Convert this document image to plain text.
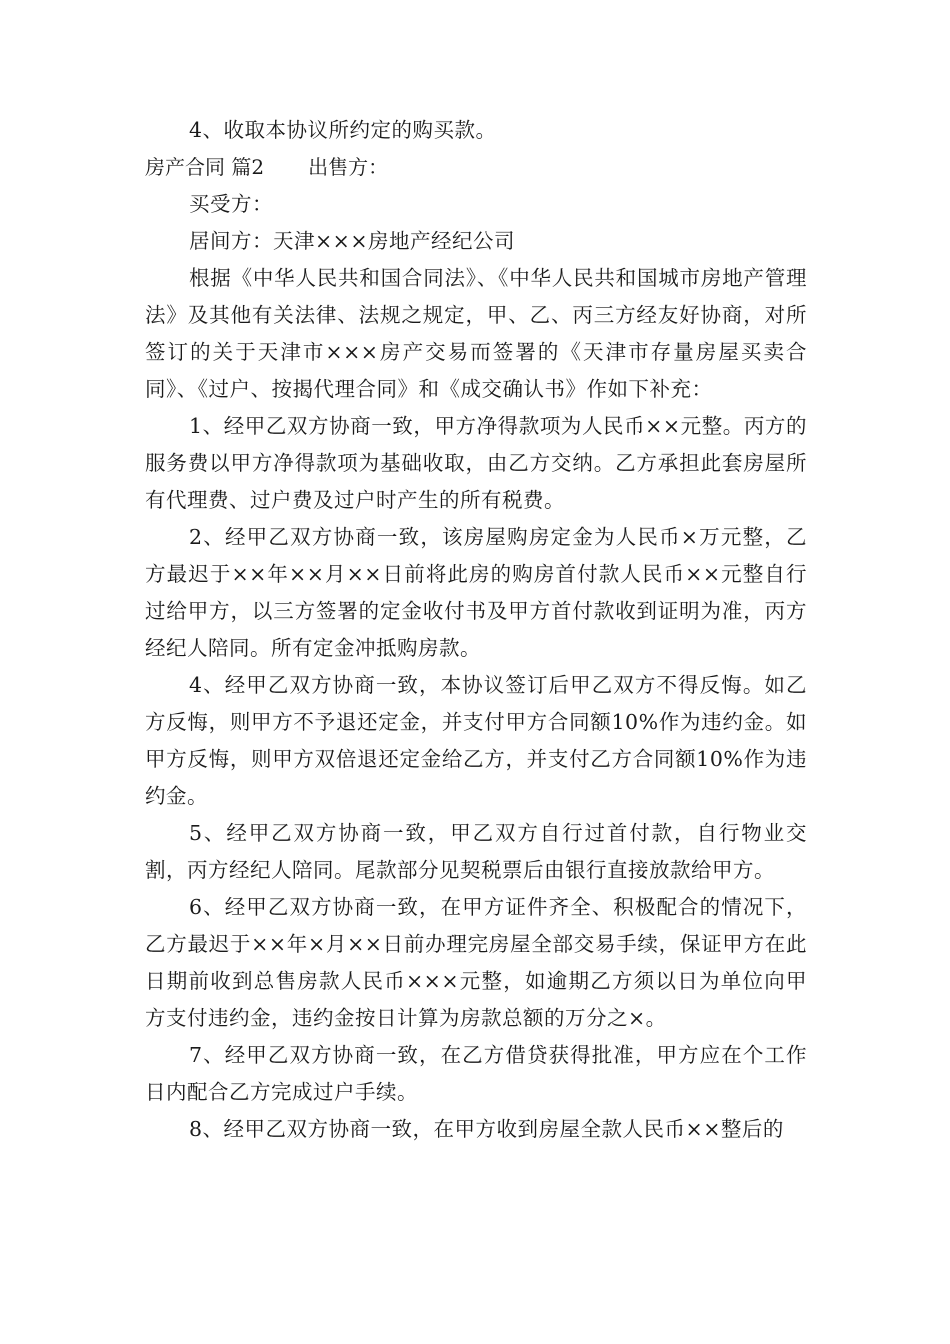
4、收取本协议所约定的购买款。
房产合同 篇2 出售方：
买受方：
居间方：天津×××房地产经纪公司
根据《中华人民共和国合同法》、《中华人民共和国城市房地产管理法》及其他有关法律、法规之规定，甲、乙、丙三方经友好协商，对所签订的关于天津市×××房产交易而签署的《天津市存量房屋买卖合同》、《过户、按揭代理合同》和《成交确认书》作如下补充：
1、经甲乙双方协商一致，甲方净得款项为人民币××元整。丙方的服务费以甲方净得款项为基础收取，由乙方交纳。乙方承担此套房屋所有代理费、过户费及过户时产生的所有税费。
2、经甲乙双方协商一致，该房屋购房定金为人民币×万元整，乙方最迟于××年××月××日前将此房的购房首付款人民币××元整自行过给甲方，以三方签署的定金收付书及甲方首付款收到证明为准，丙方经纪人陪同。所有定金冲抵购房款。
4、经甲乙双方协商一致，本协议签订后甲乙双方不得反悔。如乙方反悔，则甲方不予退还定金，并支付甲方合同额10%作为违约金。如甲方反悔，则甲方双倍退还定金给乙方，并支付乙方合同额10%作为违约金。
5、经甲乙双方协商一致，甲乙双方自行过首付款，自行物业交割，丙方经纪人陪同。尾款部分见契税票后由银行直接放款给甲方。
6、经甲乙双方协商一致，在甲方证件齐全、积极配合的情况下，乙方最迟于××年×月××日前办理完房屋全部交易手续，保证甲方在此日期前收到总售房款人民币×××元整，如逾期乙方须以日为单位向甲方支付违约金，违约金按日计算为房款总额的万分之×。
7、经甲乙双方协商一致，在乙方借贷获得批准，甲方应在个工作日内配合乙方完成过户手续。
8、经甲乙双方协商一致，在甲方收到房屋全款人民币××整后的
